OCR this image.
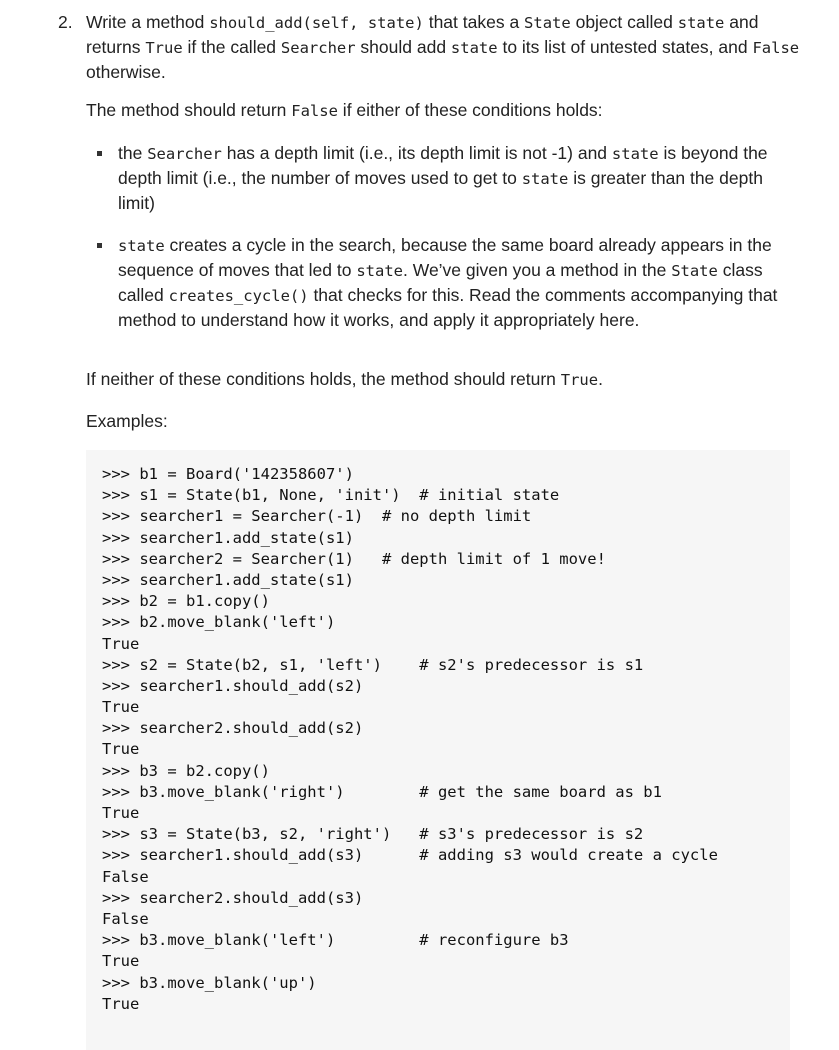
2. Write a method should_add(self, state) that takes a State object called state and returns True if the called Searcher should add state to its list of untested states, and False otherwise.
The method should return False if either of these conditions holds:
the Searcher has a depth limit (i.e., its depth limit is not -1) and state is beyond the depth limit (i.e., the number of moves used to get to state is greater than the depth limit)
state creates a cycle in the search, because the same board already appears in the sequence of moves that led to state. We’ve given you a method in the State class called creates_cycle() that checks for this. Read the comments accompanying that method to understand how it works, and apply it appropriately here.
If neither of these conditions holds, the method should return True.
Examples:
>>> b1 = Board('142358607')
>>> s1 = State(b1, None, 'init')  # initial state
>>> searcher1 = Searcher(-1)  # no depth limit
>>> searcher1.add_state(s1)
>>> searcher2 = Searcher(1)   # depth limit of 1 move!
>>> searcher1.add_state(s1)
>>> b2 = b1.copy()
>>> b2.move_blank('left')
True
>>> s2 = State(b2, s1, 'left')    # s2's predecessor is s1
>>> searcher1.should_add(s2)
True
>>> searcher2.should_add(s2)
True
>>> b3 = b2.copy()
>>> b3.move_blank('right')        # get the same board as b1
True
>>> s3 = State(b3, s2, 'right')   # s3's predecessor is s2
>>> searcher1.should_add(s3)      # adding s3 would create a cycle
False
>>> searcher2.should_add(s3)
False
>>> b3.move_blank('left')         # reconfigure b3
True
>>> b3.move_blank('up')
True
